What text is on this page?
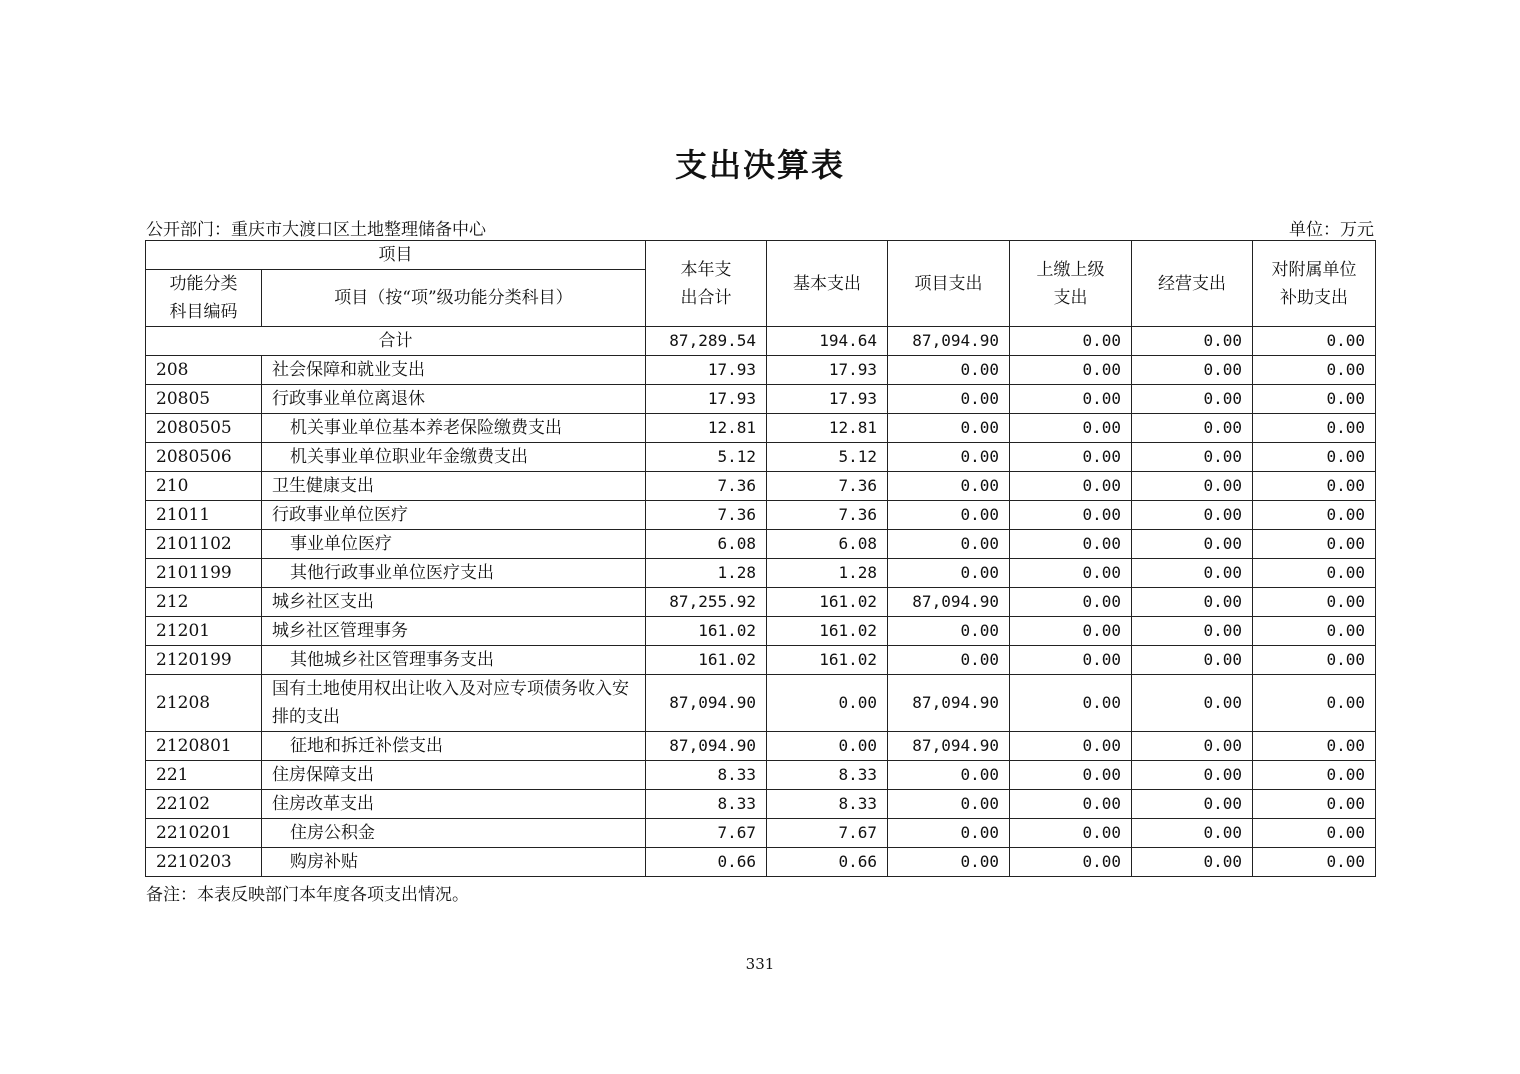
支出决算表
公开部门：重庆市大渡口区土地整理储备中心	单位：万元
项目		本年支出合计	基本支出	项目支出	上缴上级支出	经营支出	对附属单位补助支出
功能分类科目编码	项目（按“项”级功能分类科目）						
合计		87,289.54	194.64	87,094.90	0.00	0.00	0.00
208	社会保障和就业支出	17.93	17.93	0.00	0.00	0.00	0.00
20805	行政事业单位离退休	17.93	17.93	0.00	0.00	0.00	0.00
2080505	机关事业单位基本养老保险缴费支出	12.81	12.81	0.00	0.00	0.00	0.00
2080506	机关事业单位职业年金缴费支出	5.12	5.12	0.00	0.00	0.00	0.00
210	卫生健康支出	7.36	7.36	0.00	0.00	0.00	0.00
21011	行政事业单位医疗	7.36	7.36	0.00	0.00	0.00	0.00
2101102	事业单位医疗	6.08	6.08	0.00	0.00	0.00	0.00
2101199	其他行政事业单位医疗支出	1.28	1.28	0.00	0.00	0.00	0.00
212	城乡社区支出	87,255.92	161.02	87,094.90	0.00	0.00	0.00
21201	城乡社区管理事务	161.02	161.02	0.00	0.00	0.00	0.00
2120199	其他城乡社区管理事务支出	161.02	161.02	0.00	0.00	0.00	0.00
21208	国有土地使用权出让收入及对应专项债务收入安排的支出	87,094.90	0.00	87,094.90	0.00	0.00	0.00
2120801	征地和拆迁补偿支出	87,094.90	0.00	87,094.90	0.00	0.00	0.00
221	住房保障支出	8.33	8.33	0.00	0.00	0.00	0.00
22102	住房改革支出	8.33	8.33	0.00	0.00	0.00	0.00
2210201	住房公积金	7.67	7.67	0.00	0.00	0.00	0.00
2210203	购房补贴	0.66	0.66	0.00	0.00	0.00	0.00
备注：本表反映部门本年度各项支出情况。
331
